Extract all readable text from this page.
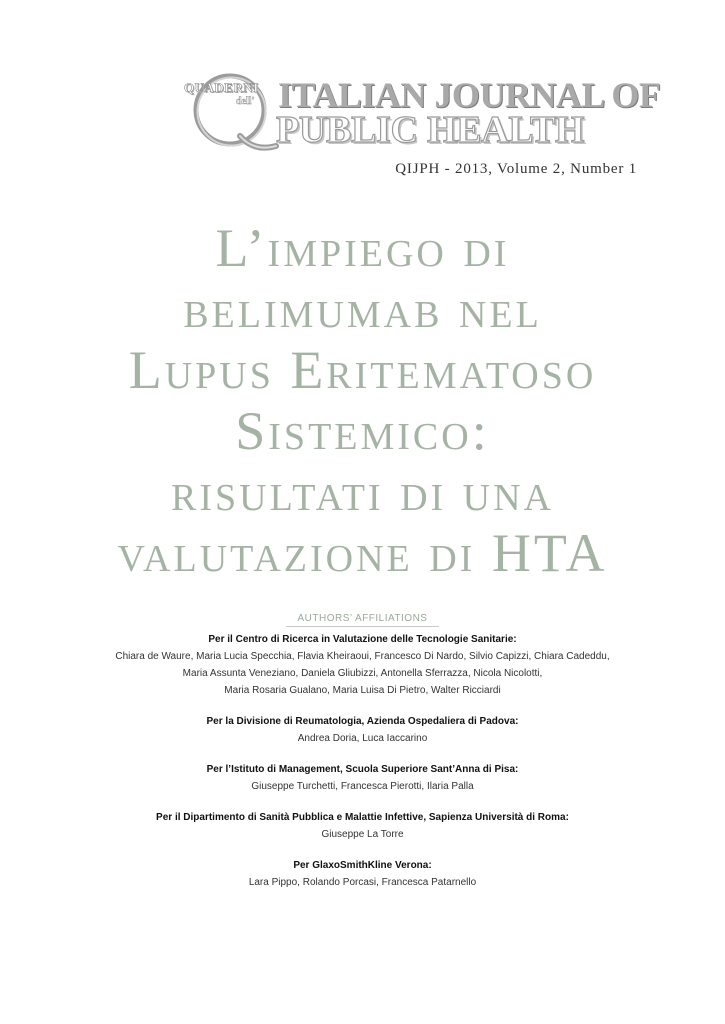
QUADERNI
dell' ITALIAN JOURNAL OF
PUBLIC HEALTH
QIJPH - 2013, Volume 2, Number 1
L’impiego di
belimumab nel
Lupus Eritematoso
Sistemico:
risultati di una
valutazione di HTA
AUTHORS’ AFFILIATIONS
Per il Centro di Ricerca in Valutazione delle Tecnologie Sanitarie:
Chiara de Waure, Maria Lucia Specchia, Flavia Kheiraoui, Francesco Di Nardo, Silvio Capizzi, Chiara Cadeddu,
Maria Assunta Veneziano, Daniela Gliubizzi, Antonella Sferrazza, Nicola Nicolotti,
Maria Rosaria Gualano, Maria Luisa Di Pietro, Walter Ricciardi
Per la Divisione di Reumatologia, Azienda Ospedaliera di Padova:
Andrea Doria, Luca Iaccarino
Per l’Istituto di Management, Scuola Superiore Sant’Anna di Pisa:
Giuseppe Turchetti, Francesca Pierotti, Ilaria Palla
Per il Dipartimento di Sanità Pubblica e Malattie Infettive, Sapienza Università di Roma:
Giuseppe La Torre
Per GlaxoSmithKline Verona:
Lara Pippo, Rolando Porcasi, Francesca Patarnello
